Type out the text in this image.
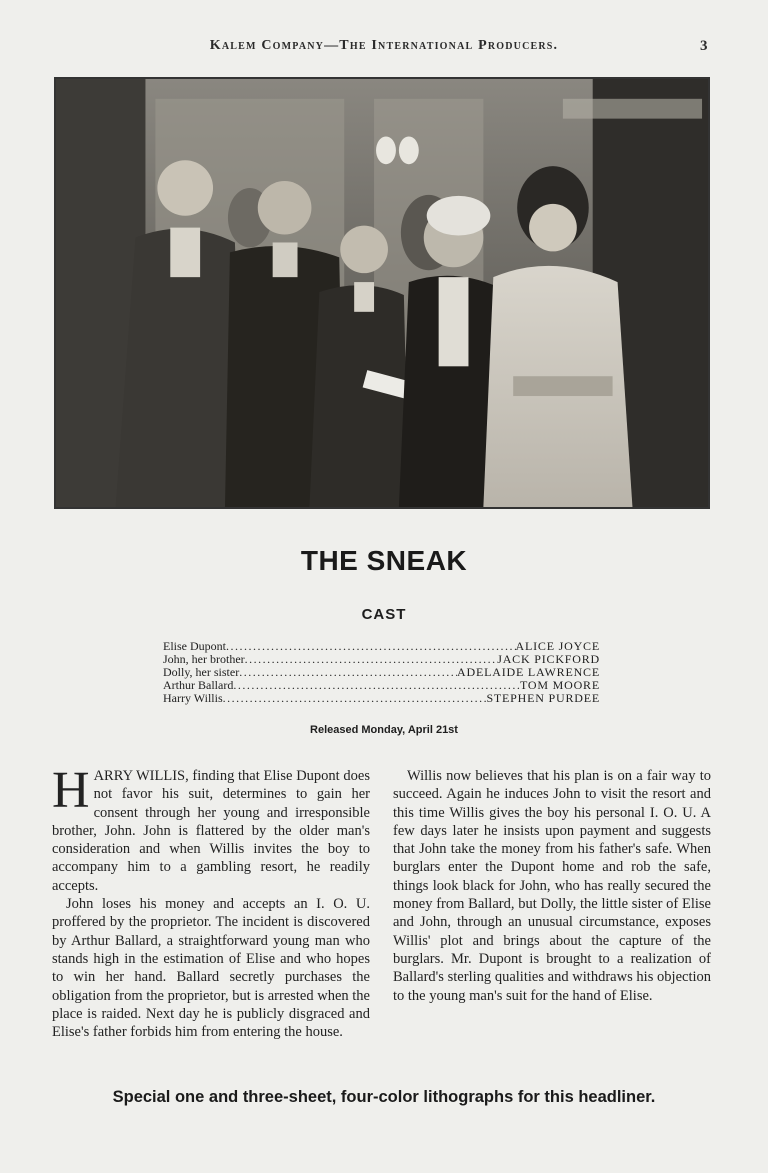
Kalem Company—The International Producers.	3
THE SNEAK
CAST
Elise Dupont .....	ALICE JOYCE
John, her brother .....	JACK PICKFORD
Dolly, her sister .....	ADELAIDE LAWRENCE
Arthur Ballard .....	TOM MOORE
Harry Willis .....	STEPHEN PURDEE
Released Monday, April 21st

HARRY WILLIS, finding that Elise Dupont does not favor his suit, determines to gain her consent through her young and irresponsible brother, John. John is flattered by the older man's consideration and when Willis invites the boy to accompany him to a gambling resort, he readily accepts.

John loses his money and accepts an I. O. U. proffered by the proprietor. The incident is discovered by Arthur Ballard, a straightforward young man who stands high in the estimation of Elise and who hopes to win her hand. Ballard secretly purchases the obligation from the proprietor, but is arrested when the place is raided. Next day he is publicly disgraced and Elise's father forbids him from entering the house.

Willis now believes that his plan is on a fair way to succeed. Again he induces John to visit the resort and this time Willis gives the boy his personal I. O. U. A few days later he insists upon payment and suggests that John take the money from his father's safe. When burglars enter the Dupont home and rob the safe, things look black for John, who has really secured the money from Ballard, but Dolly, the little sister of Elise and John, through an unusual circumstance, exposes Willis' plot and brings about the capture of the burglars. Mr. Dupont is brought to a realization of Ballard's sterling qualities and withdraws his objection to the young man's suit for the hand of Elise.

Special one and three-sheet, four-color lithographs for this headliner.
